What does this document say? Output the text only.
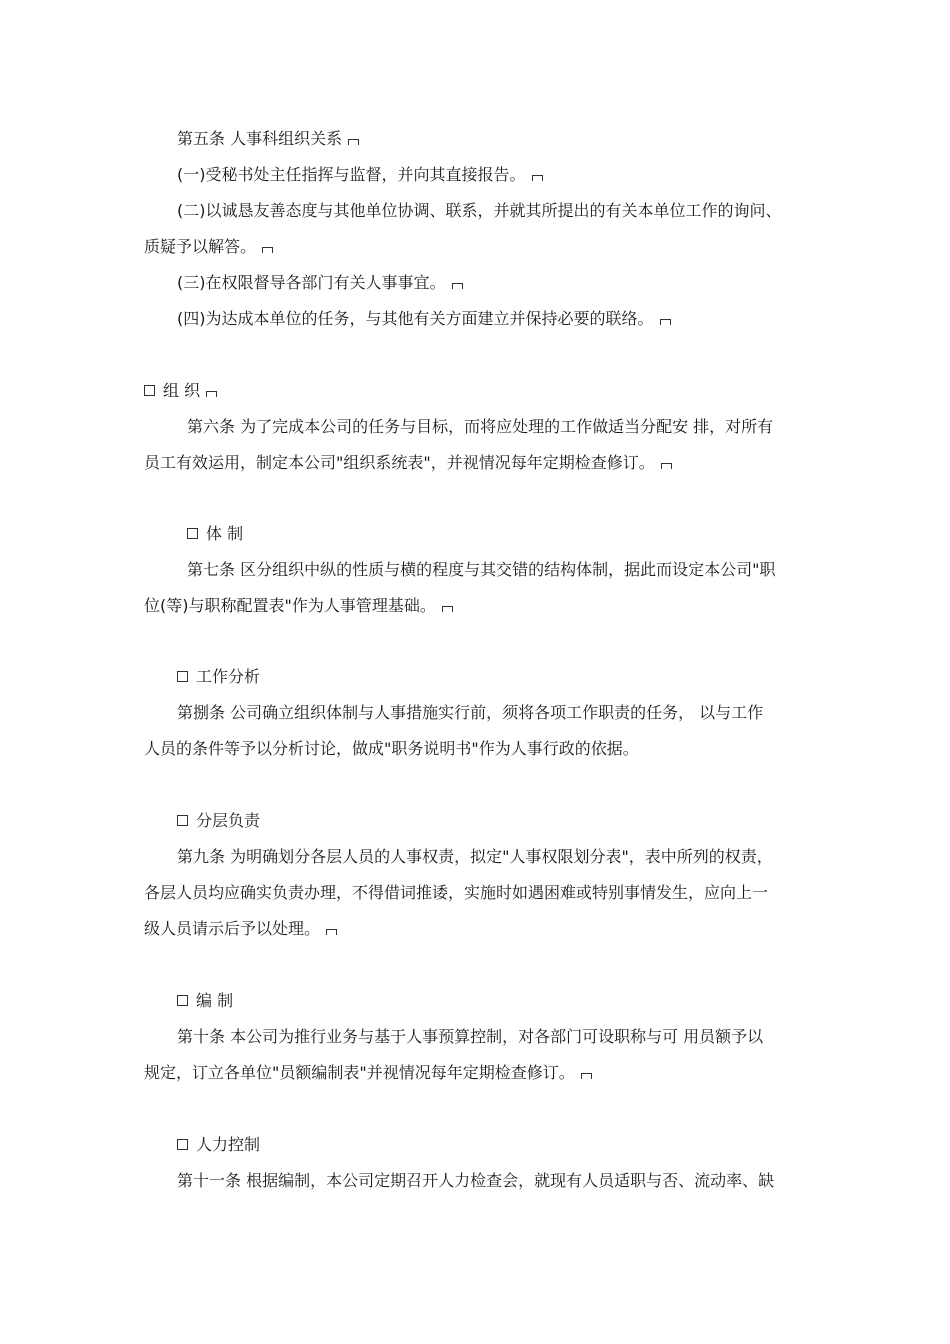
第五条 人事科组织关系
(一)受秘书处主任指挥与监督，并向其直接报告。
(二)以诚恳友善态度与其他单位协调、联系，并就其所提出的有关本单位工作的询问、
质疑予以解答。
(三)在权限督导各部门有关人事事宜。
(四)为达成本单位的任务，与其他有关方面建立并保持必要的联络。
组 织
第六条 为了完成本公司的任务与目标，而将应处理的工作做适当分配安 排，对所有
员工有效运用，制定本公司"组织系统表"，并视情况每年定期检查修订。
体 制
第七条 区分组织中纵的性质与横的程度与其交错的结构体制，据此而设定本公司"职
位(等)与职称配置表"作为人事管理基础。
工作分析
第捌条 公司确立组织体制与人事措施实行前，须将各项工作职责的任务， 以与工作
人员的条件等予以分析讨论，做成"职务说明书"作为人事行政的依据。
分层负责
第九条 为明确划分各层人员的人事权责，拟定"人事权限划分表"，表中所列的权责，
各层人员均应确实负责办理，不得借词推诿，实施时如遇困难或特别事情发生，应向上一
级人员请示后予以处理。
编 制
第十条 本公司为推行业务与基于人事预算控制，对各部门可设职称与可 用员额予以
规定，订立各单位"员额编制表"并视情况每年定期检查修订。
人力控制
第十一条 根据编制，本公司定期召开人力检查会，就现有人员适职与否、流动率、缺
